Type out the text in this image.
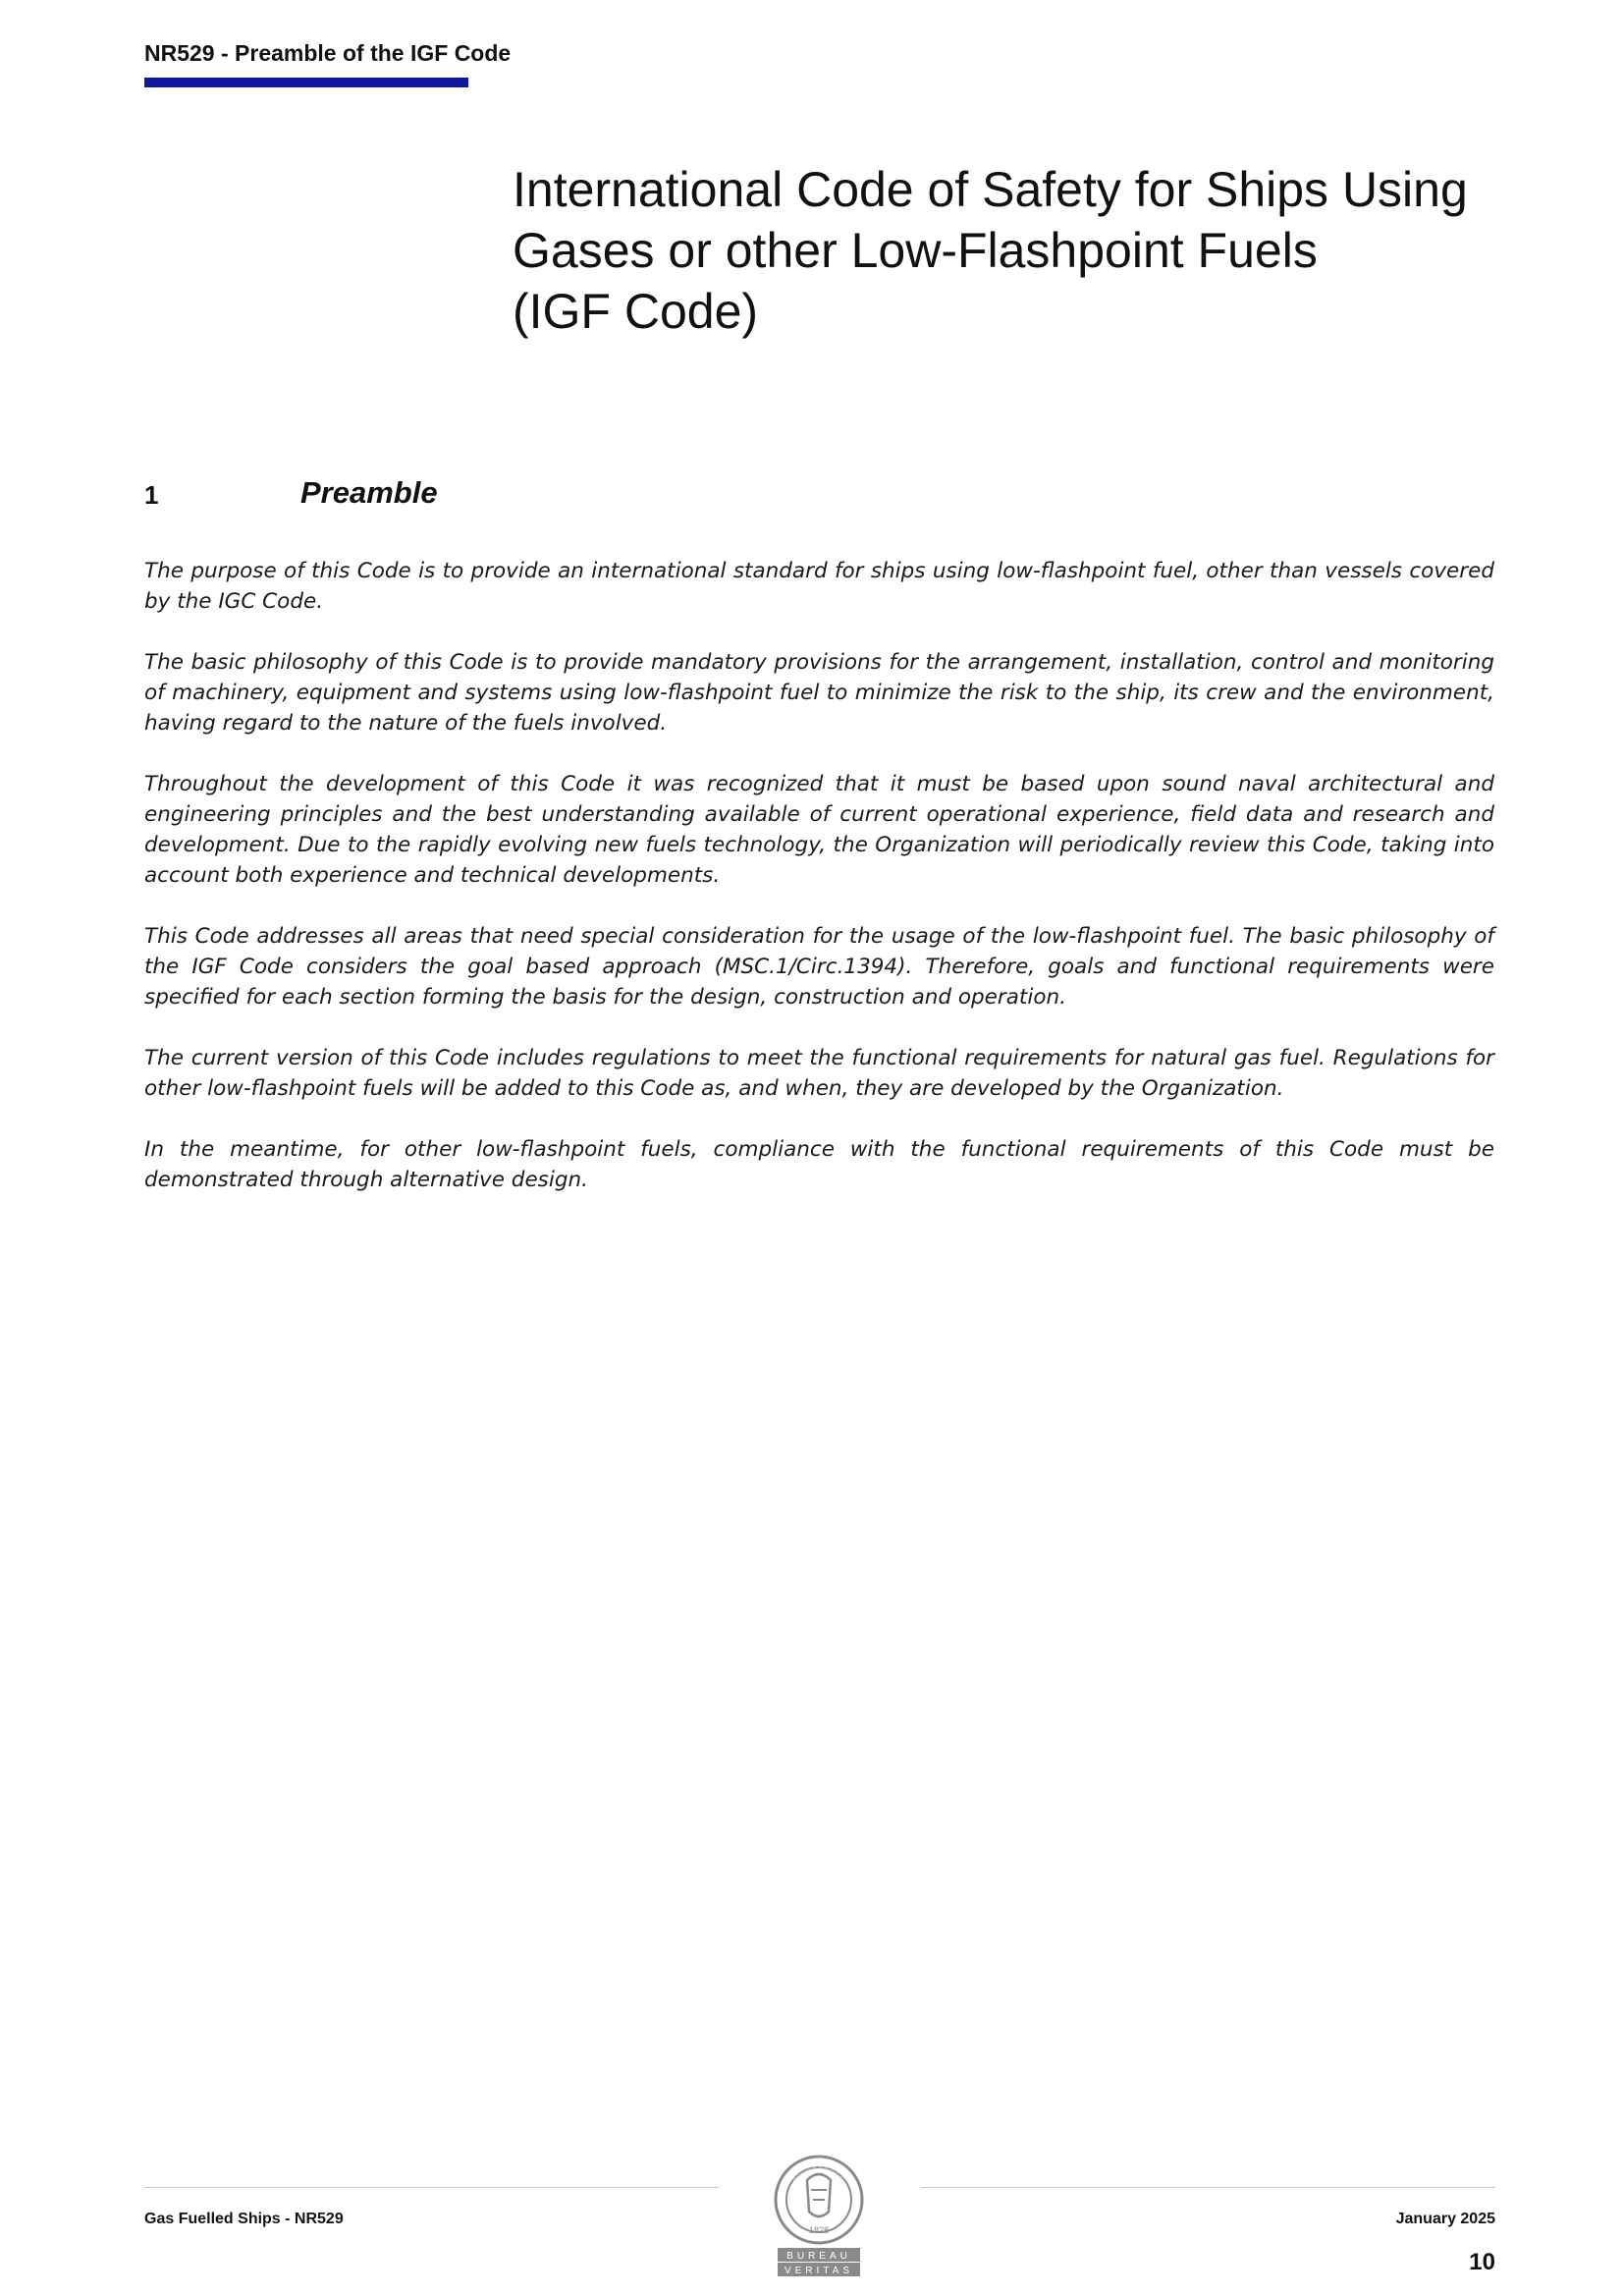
NR529 - Preamble of the IGF Code
International Code of Safety for Ships Using
Gases or other Low-Flashpoint Fuels
(IGF Code)
1	Preamble

The purpose of this Code is to provide an international standard for ships using low-flashpoint fuel, other than vessels covered by the IGC Code.

The basic philosophy of this Code is to provide mandatory provisions for the arrangement, installation, control and monitoring of machinery, equipment and systems using low-flashpoint fuel to minimize the risk to the ship, its crew and the environment, having regard to the nature of the fuels involved.

Throughout the development of this Code it was recognized that it must be based upon sound naval architectural and engineering principles and the best understanding available of current operational experience, field data and research and development. Due to the rapidly evolving new fuels technology, the Organization will periodically review this Code, taking into account both experience and technical developments.

This Code addresses all areas that need special consideration for the usage of the low-flashpoint fuel. The basic philosophy of the IGF Code considers the goal based approach (MSC.1/Circ.1394). Therefore, goals and functional requirements were specified for each section forming the basis for the design, construction and operation.

The current version of this Code includes regulations to meet the functional requirements for natural gas fuel. Regulations for other low-flashpoint fuels will be added to this Code as, and when, they are developed by the Organization.

In the meantime, for other low-flashpoint fuels, compliance with the functional requirements of this Code must be demonstrated through alternative design.

Gas Fuelled Ships - NR529	January 2025
10
1828
BUREAU
VERITAS
